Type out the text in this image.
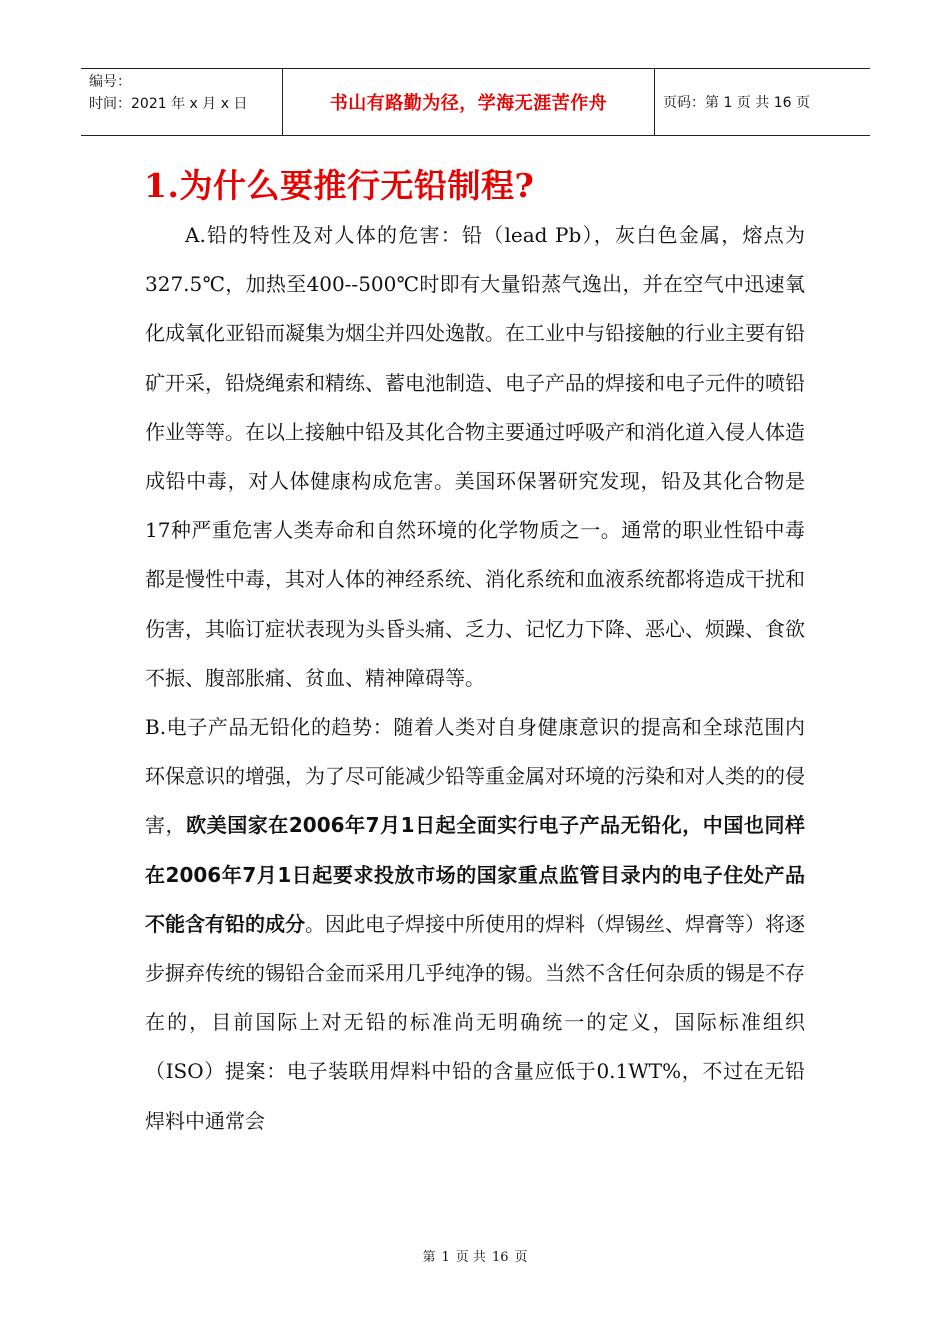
编号：
时间：2021 年 x 月 x 日	书山有路勤为径，学海无涯苦作舟	页码：第 1 页 共 16 页
1.为什么要推行无铅制程?

A.铅的特性及对人体的危害：铅（lead Pb），灰白色金属，熔点为327.5℃，加热至400--500℃时即有大量铅蒸气逸出，并在空气中迅速氧化成氧化亚铅而凝集为烟尘并四处逸散。在工业中与铅接触的行业主要有铅矿开采，铅烧绳索和精练、蓄电池制造、电子产品的焊接和电子元件的喷铅作业等等。在以上接触中铅及其化合物主要通过呼吸产和消化道入侵人体造成铅中毒，对人体健康构成危害。美国环保署研究发现，铅及其化合物是17种严重危害人类寿命和自然环境的化学物质之一。通常的职业性铅中毒都是慢性中毒，其对人体的神经系统、消化系统和血液系统都将造成干扰和伤害，其临订症状表现为头昏头痛、乏力、记忆力下降、恶心、烦躁、食欲不振、腹部胀痛、贫血、精神障碍等。

B.电子产品无铅化的趋势：随着人类对自身健康意识的提高和全球范围内环保意识的增强，为了尽可能减少铅等重金属对环境的污染和对人类的的侵害，欧美国家在2006年7月1日起全面实行电子产品无铅化，中国也同样在2006年7月1日起要求投放市场的国家重点监管目录内的电子住处产品不能含有铅的成分。因此电子焊接中所使用的焊料（焊锡丝、焊膏等）将逐步摒弃传统的锡铅合金而采用几乎纯净的锡。当然不含任何杂质的锡是不存在的，目前国际上对无铅的标准尚无明确统一的定义，国际标准组织（ISO）提案：电子装联用焊料中铅的含量应低于0.1WT%，不过在无铅焊料中通常会

第 1 页 共 16 页
